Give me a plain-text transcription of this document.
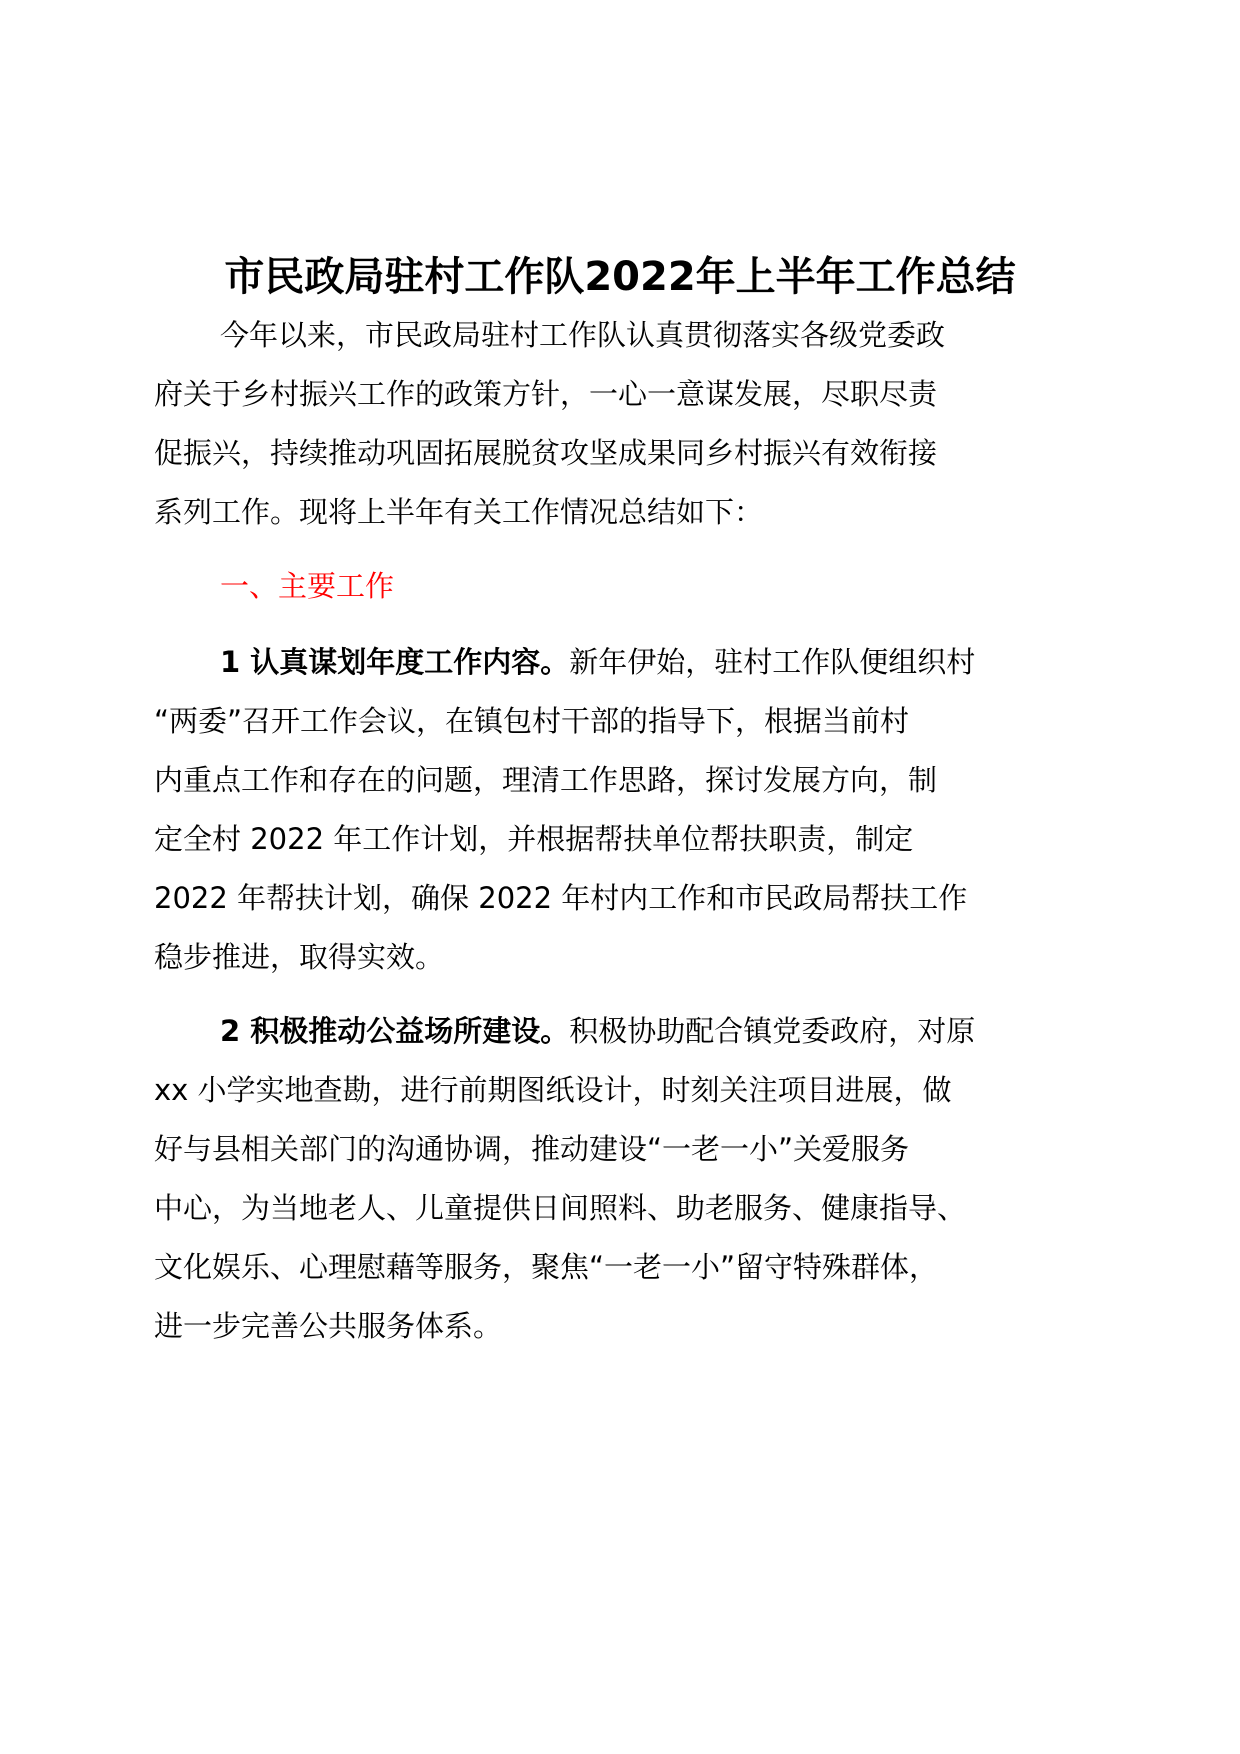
市民政局驻村工作队2022年上半年工作总结
今年以来，市民政局驻村工作队认真贯彻落实各级党委政
府关于乡村振兴工作的政策方针，一心一意谋发展，尽职尽责
促振兴，持续推动巩固拓展脱贫攻坚成果同乡村振兴有效衔接
系列工作。现将上半年有关工作情况总结如下：
一、主要工作
1 认真谋划年度工作内容。新年伊始，驻村工作队便组织村
“两委”召开工作会议，在镇包村干部的指导下，根据当前村
内重点工作和存在的问题，理清工作思路，探讨发展方向，制
定全村 2022 年工作计划，并根据帮扶单位帮扶职责，制定
2022 年帮扶计划，确保 2022 年村内工作和市民政局帮扶工作
稳步推进，取得实效。
2 积极推动公益场所建设。积极协助配合镇党委政府，对原
xx 小学实地查勘，进行前期图纸设计，时刻关注项目进展，做
好与县相关部门的沟通协调，推动建设“一老一小”关爱服务
中心，为当地老人、儿童提供日间照料、助老服务、健康指导、
文化娱乐、心理慰藉等服务，聚焦“一老一小”留守特殊群体，
进一步完善公共服务体系。
